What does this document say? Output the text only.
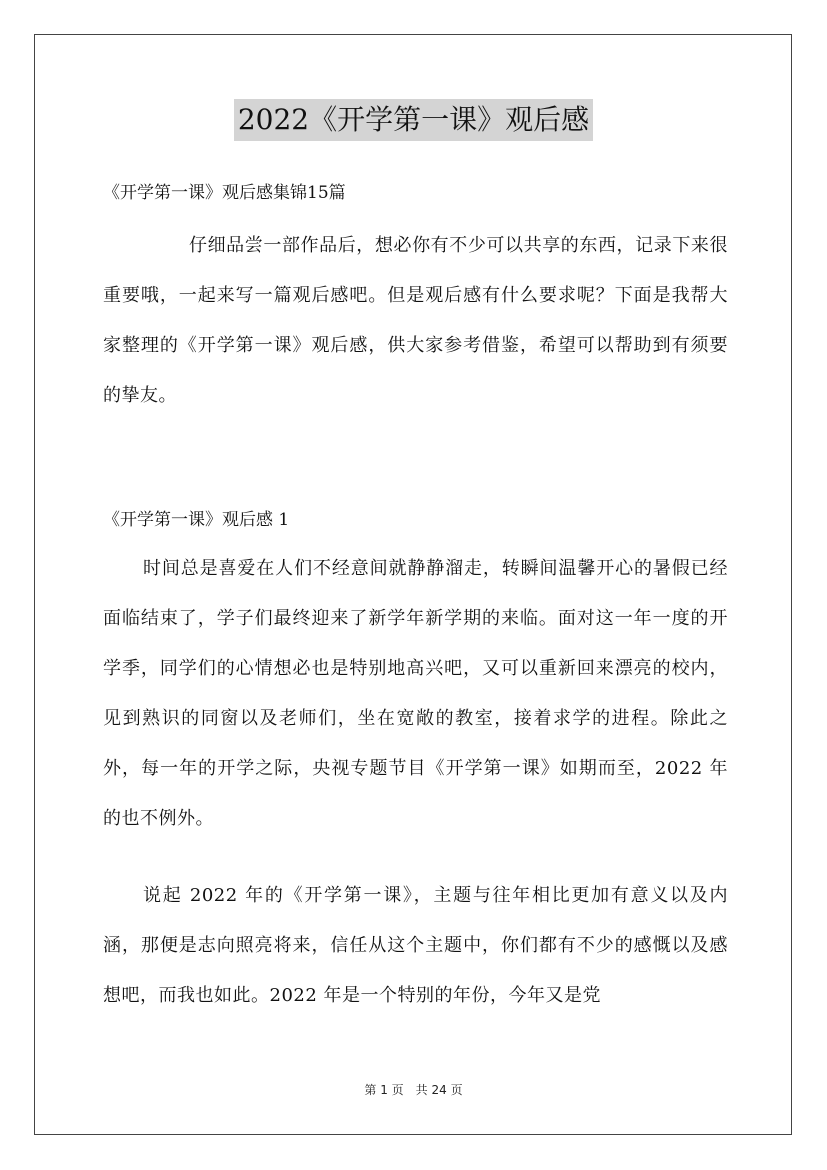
2022《开学第一课》观后感
《开学第一课》观后感集锦15篇
仔细品尝一部作品后，想必你有不少可以共享的东西，记录下来很重要哦，一起来写一篇观后感吧。但是观后感有什么要求呢？下面是我帮大家整理的《开学第一课》观后感，供大家参考借鉴，希望可以帮助到有须要的挚友。
《开学第一课》观后感 1
时间总是喜爱在人们不经意间就静静溜走，转瞬间温馨开心的暑假已经面临结束了，学子们最终迎来了新学年新学期的来临。面对这一年一度的开学季，同学们的心情想必也是特别地高兴吧，又可以重新回来漂亮的校内，见到熟识的同窗以及老师们，坐在宽敞的教室，接着求学的进程。除此之外，每一年的开学之际，央视专题节目《开学第一课》如期而至，2022 年的也不例外。
说起 2022 年的《开学第一课》，主题与往年相比更加有意义以及内涵，那便是志向照亮将来，信任从这个主题中，你们都有不少的感慨以及感想吧，而我也如此。2022 年是一个特别的年份，今年又是党
第 1 页 共 24 页
